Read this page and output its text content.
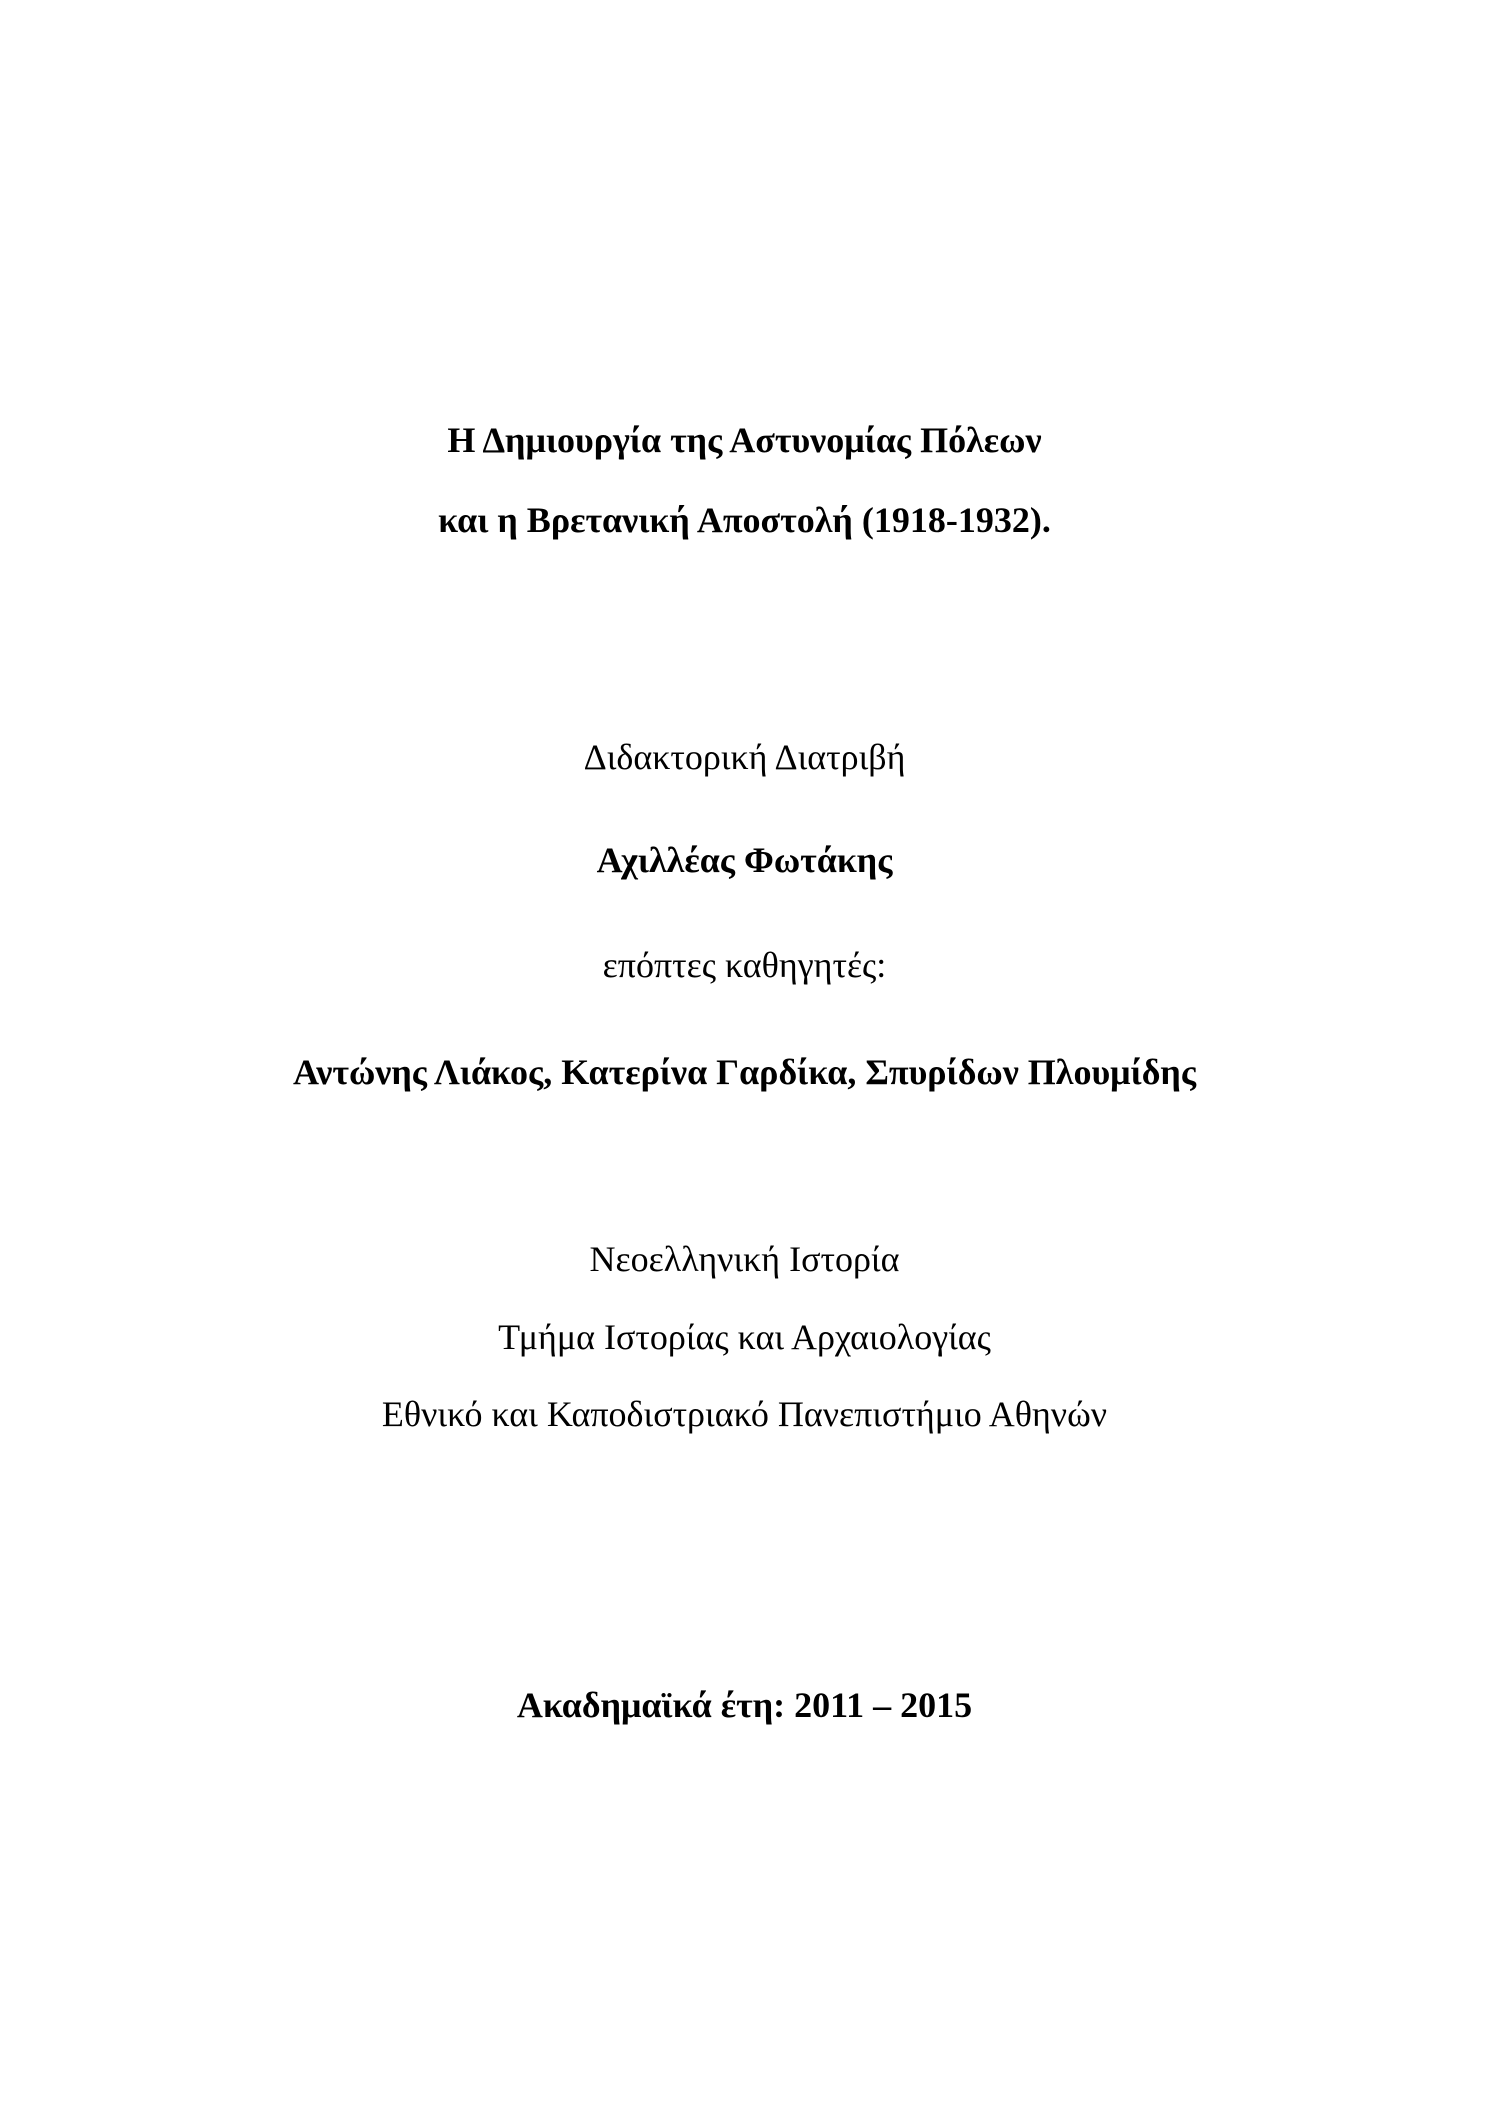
Η Δημιουργία της Αστυνομίας Πόλεων
και η Βρετανική Αποστολή (1918-1932).
Διδακτορική Διατριβή
Αχιλλέας Φωτάκης
επόπτες καθηγητές:
Αντώνης Λιάκος, Κατερίνα Γαρδίκα, Σπυρίδων Πλουμίδης
Νεοελληνική Ιστορία
Τμήμα Ιστορίας και Αρχαιολογίας
Εθνικό και Καποδιστριακό Πανεπιστήμιο Αθηνών
Ακαδημαϊκά έτη: 2011 – 2015
